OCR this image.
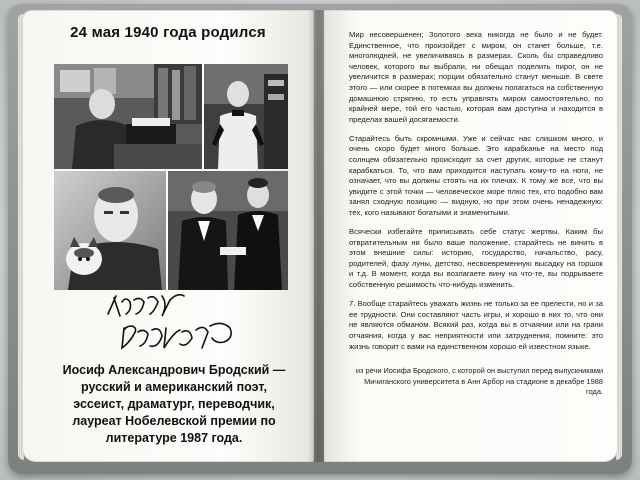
24 мая 1940 года родился
Иосиф Александрович Бродский — русский и американский поэт, эссеист, драматург, переводчик, лауреат Нобелевской премии по литературе 1987 года.

Мир несовершенен; Золотого века никогда не было и не будет. Единственное, что произойдет с миром, он станет больше, т.е. многолюдней, не увеличиваясь в размерах. Сколь бы справедливо человек, которого вы выбрали, ни обещал поделить пирог, он не увеличится в размерах; порции обязательно станут меньше. В свете этого — или скорее в потемках вы должны полагаться на собственную домашнюю стряпню, то есть управлять миром самостоятельно, по крайней мере, той его частью, которая вам доступна и находится в пределах вашей досягаемости.

Старайтесь быть скромными. Уже и сейчас нас слишком много, и очень скоро будет много больше. Это карабканье на место под солнцем обязательно происходит за счет других, которые не станут карабкаться. То, что вам приходится наступать кому-то на ноги, не означает, что вы должны стоять на их плечах. К тому же все, что вы увидите с этой точки — человеческое море плюс тех, кто подобно вам занял сходную позицию — видную, но при этом очень ненадежную: тех, кого называют богатыми и знаменитыми.

Всячески избегайте приписывать себе статус жертвы. Каким бы отвратительным ни было ваше положение, старайтесь не винить в этом внешние силы: историю, государство, начальство, расу, родителей, фазу луны, детство, несвоевременную высадку на горшок и т.д. В момент, когда вы возлагаете вину на что-те, вы подрываете собственную решимость что-нибудь изменить.

7. Вообще старайтесь уважать жизнь не только за ее прелести, но и за ее трудности. Они составляют часть игры, и хорошо в них то, что они не являются обманом. Всякий раз, когда вы в отчаянии или на грани отчаяния, когда у вас неприятности или затруднения, помните: это жизнь говорит с вами на единственном хорошо ей известном языке.

из речи Иосифа Бродского, с которой он выступил перед выпускниками Мичиганского университета в Анн Арбор на стадионе в декабре 1988 года.
